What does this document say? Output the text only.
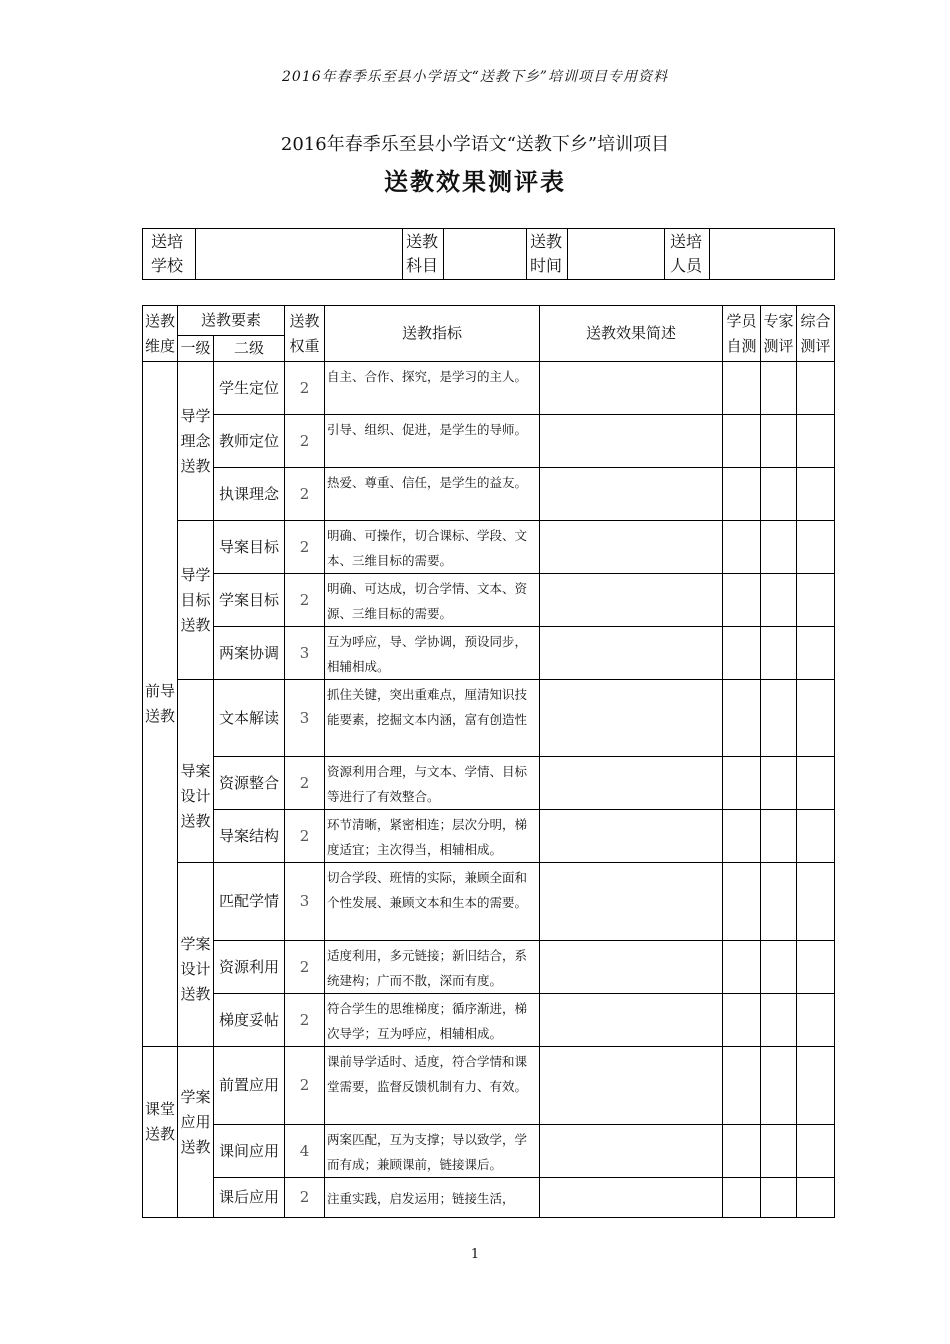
2016年春季乐至县小学语文“送教下乡”培训项目专用资料
2016年春季乐至县小学语文“送教下乡”培训项目
送教效果测评表
送培学校		送教科目		送教时间		送培人员	
送教维度	送教要素		送教权重	送教指标	送教效果简述	学员自测	专家测评	综合测评
	一级	二级						
前导送教	导学理念送教	学生定位	2	自主、合作、探究，是学习的主人。				
		教师定位	2	引导、组织、促进，是学生的导师。				
		执课理念	2	热爱、尊重、信任，是学生的益友。				
	导学目标送教	导案目标	2	明确、可操作，切合课标、学段、文本、三维目标的需要。				
		学案目标	2	明确、可达成，切合学情、文本、资源、三维目标的需要。				
		两案协调	3	互为呼应，导、学协调，预设同步，相辅相成。				
	导案设计送教	文本解读	3	抓住关键，突出重难点，厘清知识技能要素，挖掘文本内涵，富有创造性				
		资源整合	2	资源利用合理，与文本、学情、目标等进行了有效整合。				
		导案结构	2	环节清晰，紧密相连；层次分明，梯度适宜；主次得当，相辅相成。				
	学案设计送教	匹配学情	3	切合学段、班情的实际，兼顾全面和个性发展、兼顾文本和生本的需要。				
		资源利用	2	适度利用，多元链接；新旧结合，系统建构；广而不散，深而有度。				
		梯度妥帖	2	符合学生的思维梯度；循序渐进，梯次导学；互为呼应，相辅相成。				
课堂送教	学案应用送教	前置应用	2	课前导学适时、适度，符合学情和课堂需要，监督反馈机制有力、有效。				
		课间应用	4	两案匹配，互为支撑；导以致学，学而有成；兼顾课前，链接课后。				
		课后应用	2	注重实践，启发运用；链接生活，				
1
